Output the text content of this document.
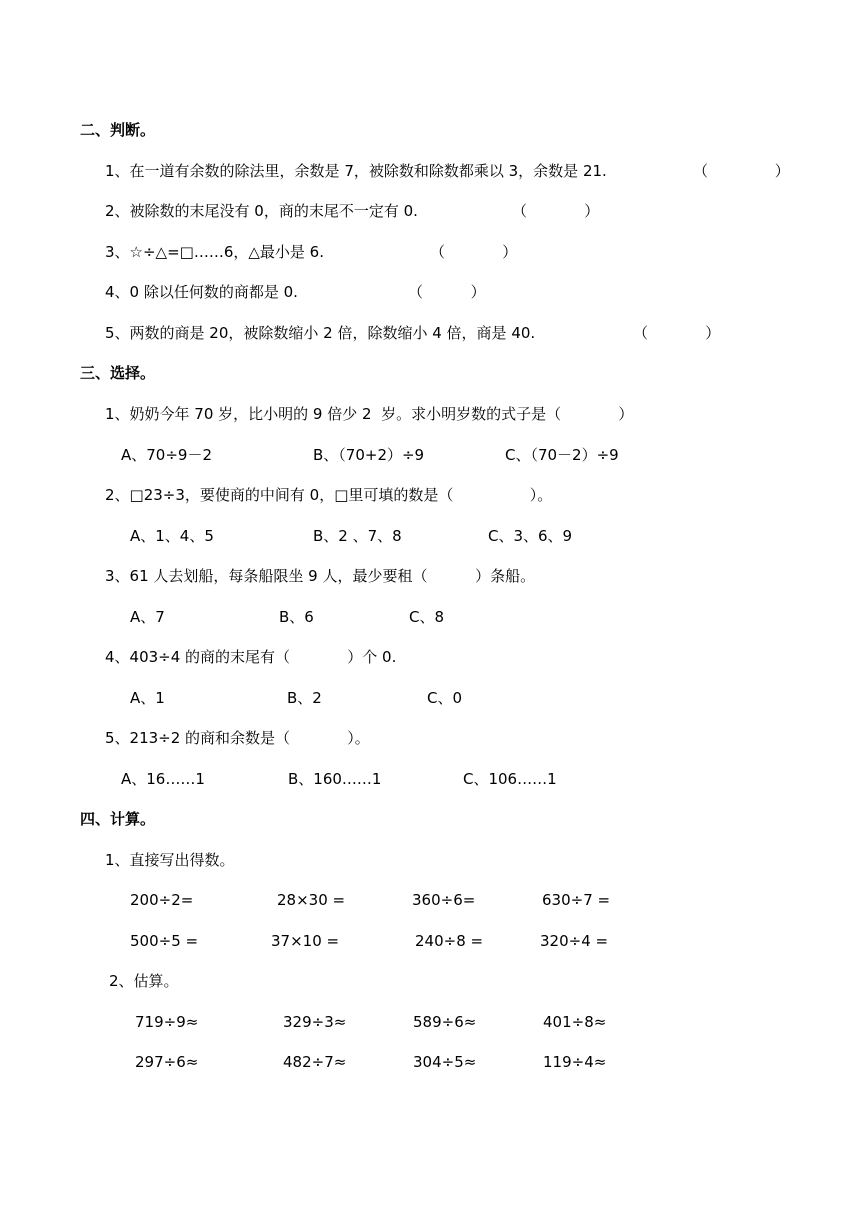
二、判断。
1、在一道有余数的除法里，余数是 7，被除数和除数都乘以 3，余数是 21.	（              ）
2、被除数的末尾没有 0，商的末尾不一定有 0.	（            ）
3、☆÷△=□……6，△最小是 6.	（            ）
4、0 除以任何数的商都是 0.	（          ）
5、两数的商是 20，被除数缩小 2 倍，除数缩小 4 倍，商是 40.	（            ）
三、选择。
1、奶奶今年 70 岁，比小明的 9 倍少 2  岁。求小明岁数的式子是（            ）
A、70÷9－2	B、（70+2）÷9	C、（70－2）÷9
2、□23÷3，要使商的中间有 0，□里可填的数是（                ）。
A、1、4、5	B、2 、7、8	C、3、6、9
3、61 人去划船，每条船限坐 9 人，最少要租（          ）条船。
A、7	B、6	C、8
4、403÷4 的商的末尾有（            ）个 0.
A、1	B、2	C、0
5、213÷2 的商和余数是（            ）。
A、16……1	B、160……1	C、106……1
四、计算。
1、直接写出得数。
200÷2=	28×30 =	360÷6=	630÷7 =
500÷5 =	37×10 =	240÷8 =	320÷4 =
2、估算。
719÷9≈	329÷3≈	589÷6≈	401÷8≈
297÷6≈	482÷7≈	304÷5≈	119÷4≈
